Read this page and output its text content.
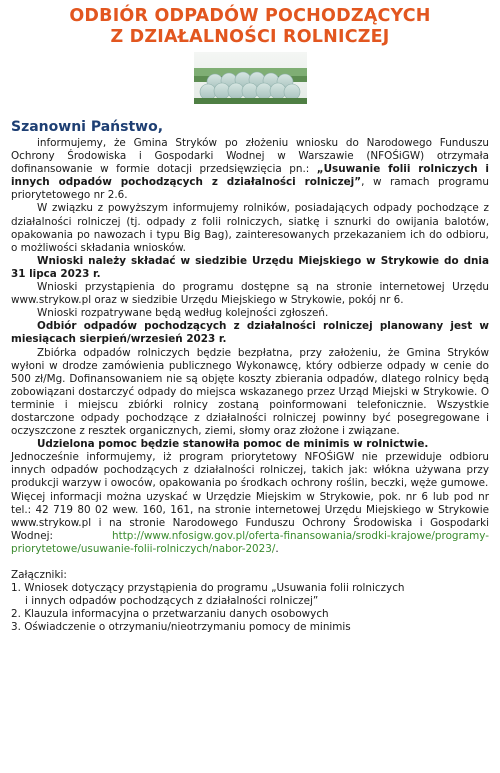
ODBIÓR ODPADÓW POCHODZĄCYCH
Z DZIAŁALNOŚCI ROLNICZEJ

Szanowni Państwo,

informujemy, że Gmina Stryków po złożeniu wniosku do Narodowego Funduszu Ochrony Środowiska i Gospodarki Wodnej w Warszawie (NFOŚiGW) otrzymała dofinansowanie w formie dotacji przedsięwzięcia pn.: „Usuwanie folii rolniczych i innych odpadów pochodzących z działalności rolniczej”, w ramach programu priorytetowego nr 2.6.

W związku z powyższym informujemy rolników, posiadających odpady pochodzące z działalności rolniczej (tj. odpady z folii rolniczych, siatkę i sznurki do owijania balotów, opakowania po nawozach i typu Big Bag), zainteresowanych przekazaniem ich do odbioru, o możliwości składania wniosków.

Wnioski należy składać w siedzibie Urzędu Miejskiego w Strykowie do dnia 31 lipca 2023 r.

Wnioski przystąpienia do programu dostępne są na stronie internetowej Urzędu www.strykow.pl oraz w siedzibie Urzędu Miejskiego w Strykowie, pokój nr 6.

Wnioski rozpatrywane będą według kolejności zgłoszeń.

Odbiór odpadów pochodzących z działalności rolniczej planowany jest w miesiącach sierpień/wrzesień 2023 r.

Zbiórka odpadów rolniczych będzie bezpłatna, przy założeniu, że Gmina Stryków wyłoni w drodze zamówienia publicznego Wykonawcę, który odbierze odpady w cenie do 500 zł/Mg. Dofinansowaniem nie są objęte koszty zbierania odpadów, dlatego rolnicy będą zobowiązani dostarczyć odpady do miejsca wskazanego przez Urząd Miejski w Strykowie. O terminie i miejscu zbiórki rolnicy zostaną poinformowani telefonicznie. Wszystkie dostarczone odpady pochodzące z działalności rolniczej powinny być posegregowane i oczyszczone z resztek organicznych, ziemi, słomy oraz złożone i związane.

Udzielona pomoc będzie stanowiła pomoc de minimis w rolnictwie.

Jednocześnie informujemy, iż program priorytetowy NFOŚiGW nie przewiduje odbioru innych odpadów pochodzących z działalności rolniczej, takich jak: włókna używana przy produkcji warzyw i owoców, opakowania po środkach ochrony roślin, beczki, węże gumowe.

Więcej informacji można uzyskać w Urzędzie Miejskim w Strykowie, pok. nr 6 lub pod nr tel.: 42 719 80 02 wew. 160, 161, na stronie internetowej Urzędu Miejskiego w Strykowie www.strykow.pl i na stronie Narodowego Funduszu Ochrony Środowiska i Gospodarki Wodnej: http://www.nfosigw.gov.pl/oferta-finansowania/srodki-krajowe/programy-priorytetowe/usuwanie-folii-rolniczych/nabor-2023/.

Załączniki:

1. Wniosek dotyczący przystąpienia do programu „Usuwania folii rolniczych

i innych odpadów pochodzących z działalności rolniczej”

2. Klauzula informacyjna o przetwarzaniu danych osobowych

3. Oświadczenie o otrzymaniu/nieotrzymaniu pomocy de minimis
